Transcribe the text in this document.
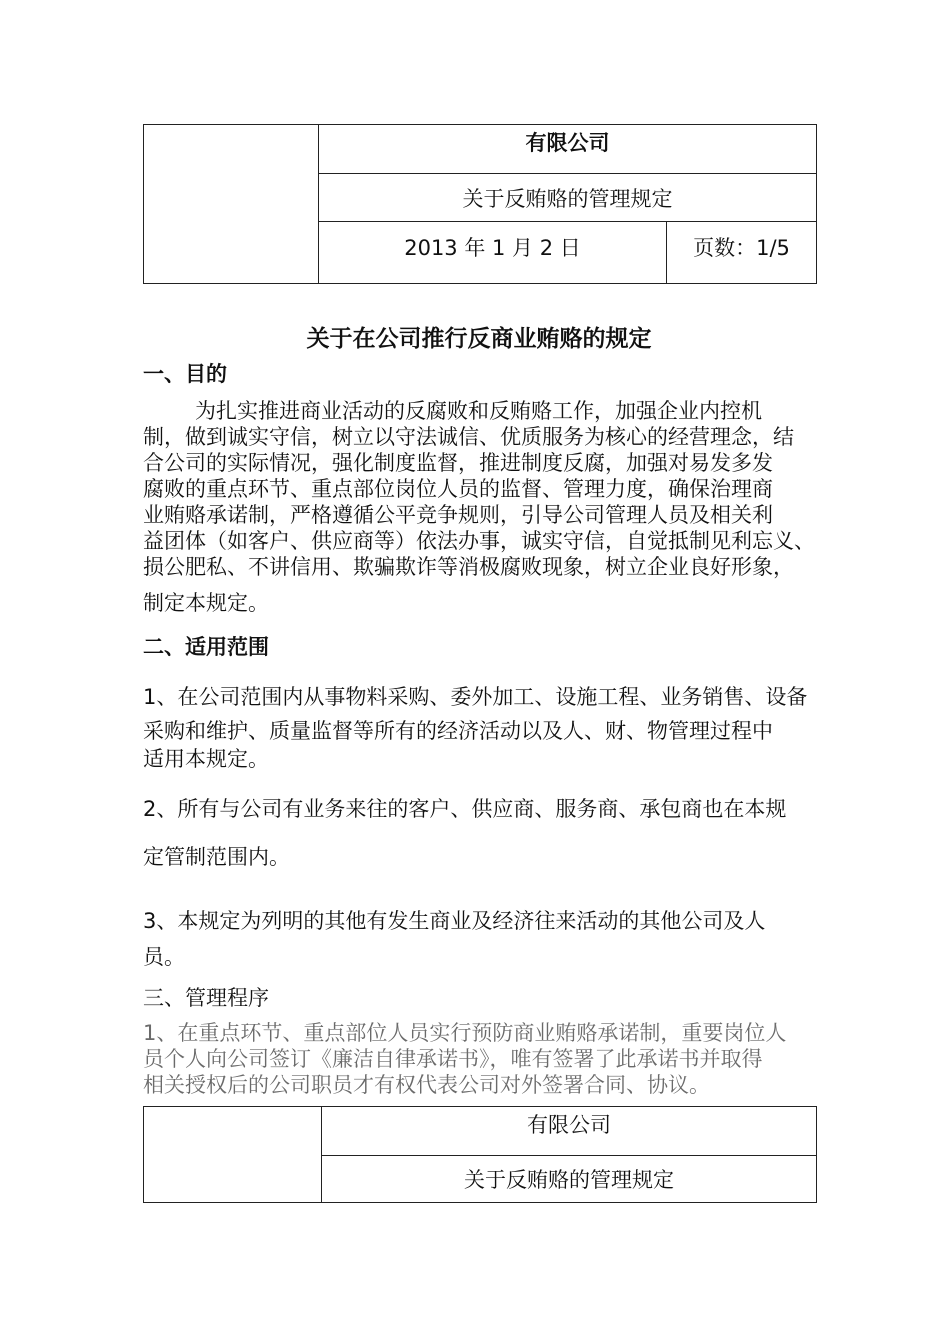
	有限公司	
	关于反贿赂的管理规定	
	2013 年 1 月 2 日	页数：1/5
关于在公司推行反商业贿赂的规定
一、目的
为扎实推进商业活动的反腐败和反贿赂工作，加强企业内控机
制，做到诚实守信，树立以守法诚信、优质服务为核心的经营理念，结
合公司的实际情况，强化制度监督，推进制度反腐，加强对易发多发
腐败的重点环节、重点部位岗位人员的监督、管理力度，确保治理商
业贿赂承诺制，严格遵循公平竞争规则，引导公司管理人员及相关利
益团体（如客户、供应商等）依法办事，诚实守信，自觉抵制见利忘义、
损公肥私、不讲信用、欺骗欺诈等消极腐败现象，树立企业良好形象，
制定本规定。
二、适用范围
1、在公司范围内从事物料采购、委外加工、设施工程、业务销售、设备
采购和维护、质量监督等所有的经济活动以及人、财、物管理过程中
适用本规定。
2、所有与公司有业务来往的客户、供应商、服务商、承包商也在本规
定管制范围内。
3、本规定为列明的其他有发生商业及经济往来活动的其他公司及人
员。
三、管理程序
1、在重点环节、重点部位人员实行预防商业贿赂承诺制，重要岗位人
员个人向公司签订《廉洁自律承诺书》，唯有签署了此承诺书并取得
相关授权后的公司职员才有权代表公司对外签署合同、协议。
	有限公司
关于反贿赂的管理规定
